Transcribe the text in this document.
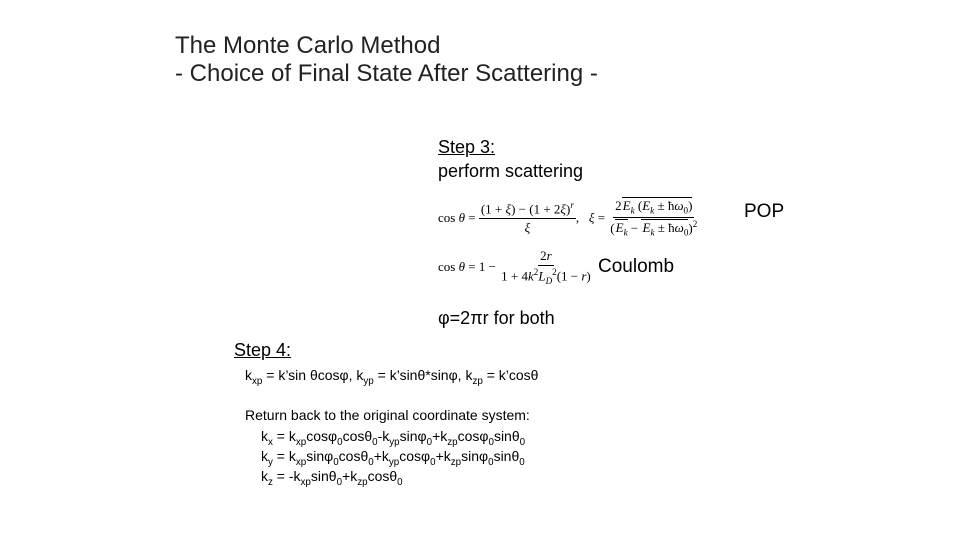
The Monte Carlo Method
- Choice of Final State After Scattering -
Step 3:
perform scattering
$\cos \theta = \frac{(1 + \xi) - (1 + 2\xi)^r}{\xi}$ ,   $\xi = \frac{2E_k (E_k \pm ħ\omega_0)}{(E_k - E_k \pm ħ\omega_0)^2}$ POP
$\cos \theta = 1 - \frac{2r}{1 + 4k^2L_D^2(1 - r)}$ Coulomb
φ=2πr for both
Step 4:
$k_{xp}$ = k’sin θcosφ, $k_{yp}$ = k’sinθ*sinφ, $k_{zp}$ = k’cosθ
Return back to the original coordinate system:
$k_x = k_{xp}\cos\varphi_0\cos\theta_0-k_{yp}\sin\varphi_0+k_{zp}\cos\varphi_0\sin\theta_0$
$k_y = k_{xp}\sin\varphi_0\cos\theta_0+k_{yp}\cos\varphi_0+k_{zp}\sin\varphi_0\sin\theta_0$
$k_z = -k_{xp}\sin\theta_0+k_{zp}\cos\theta_0$
